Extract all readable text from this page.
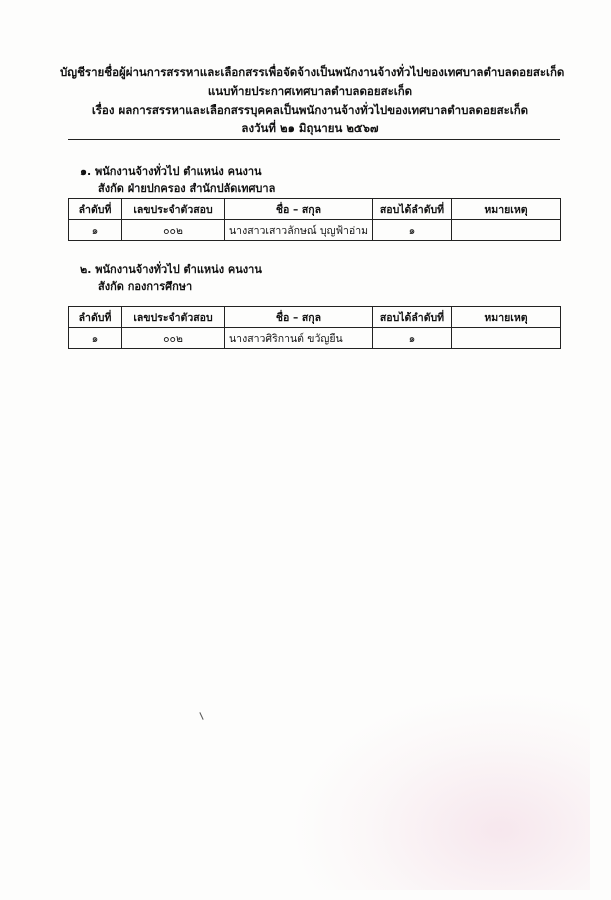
บัญชีรายชื่อผู้ผ่านการสรรหาและเลือกสรรเพื่อจัดจ้างเป็นพนักงานจ้างทั่วไปของเทศบาลตำบลดอยสะเก็ด
แนบท้ายประกาศเทศบาลตำบลดอยสะเก็ด
เรื่อง ผลการสรรหาและเลือกสรรบุคคลเป็นพนักงานจ้างทั่วไปของเทศบาลตำบลดอยสะเก็ด
ลงวันที่ ๒๑ มิถุนายน ๒๕๖๗
๑. พนักงานจ้างทั่วไป ตำแหน่ง คนงาน
สังกัด ฝ่ายปกครอง สำนักปลัดเทศบาล
ลำดับที่	เลขประจำตัวสอบ	ชื่อ – สกุล	สอบได้ลำดับที่	หมายเหตุ
๑	๐๐๒	นางสาวเสาวลักษณ์ บุญฟ้าอ่าม	๑	
๒. พนักงานจ้างทั่วไป ตำแหน่ง คนงาน
สังกัด กองการศึกษา
ลำดับที่	เลขประจำตัวสอบ	ชื่อ – สกุล	สอบได้ลำดับที่	หมายเหตุ
๑	๐๐๒	นางสาวศิริกานต์ ขวัญยืน	๑	
